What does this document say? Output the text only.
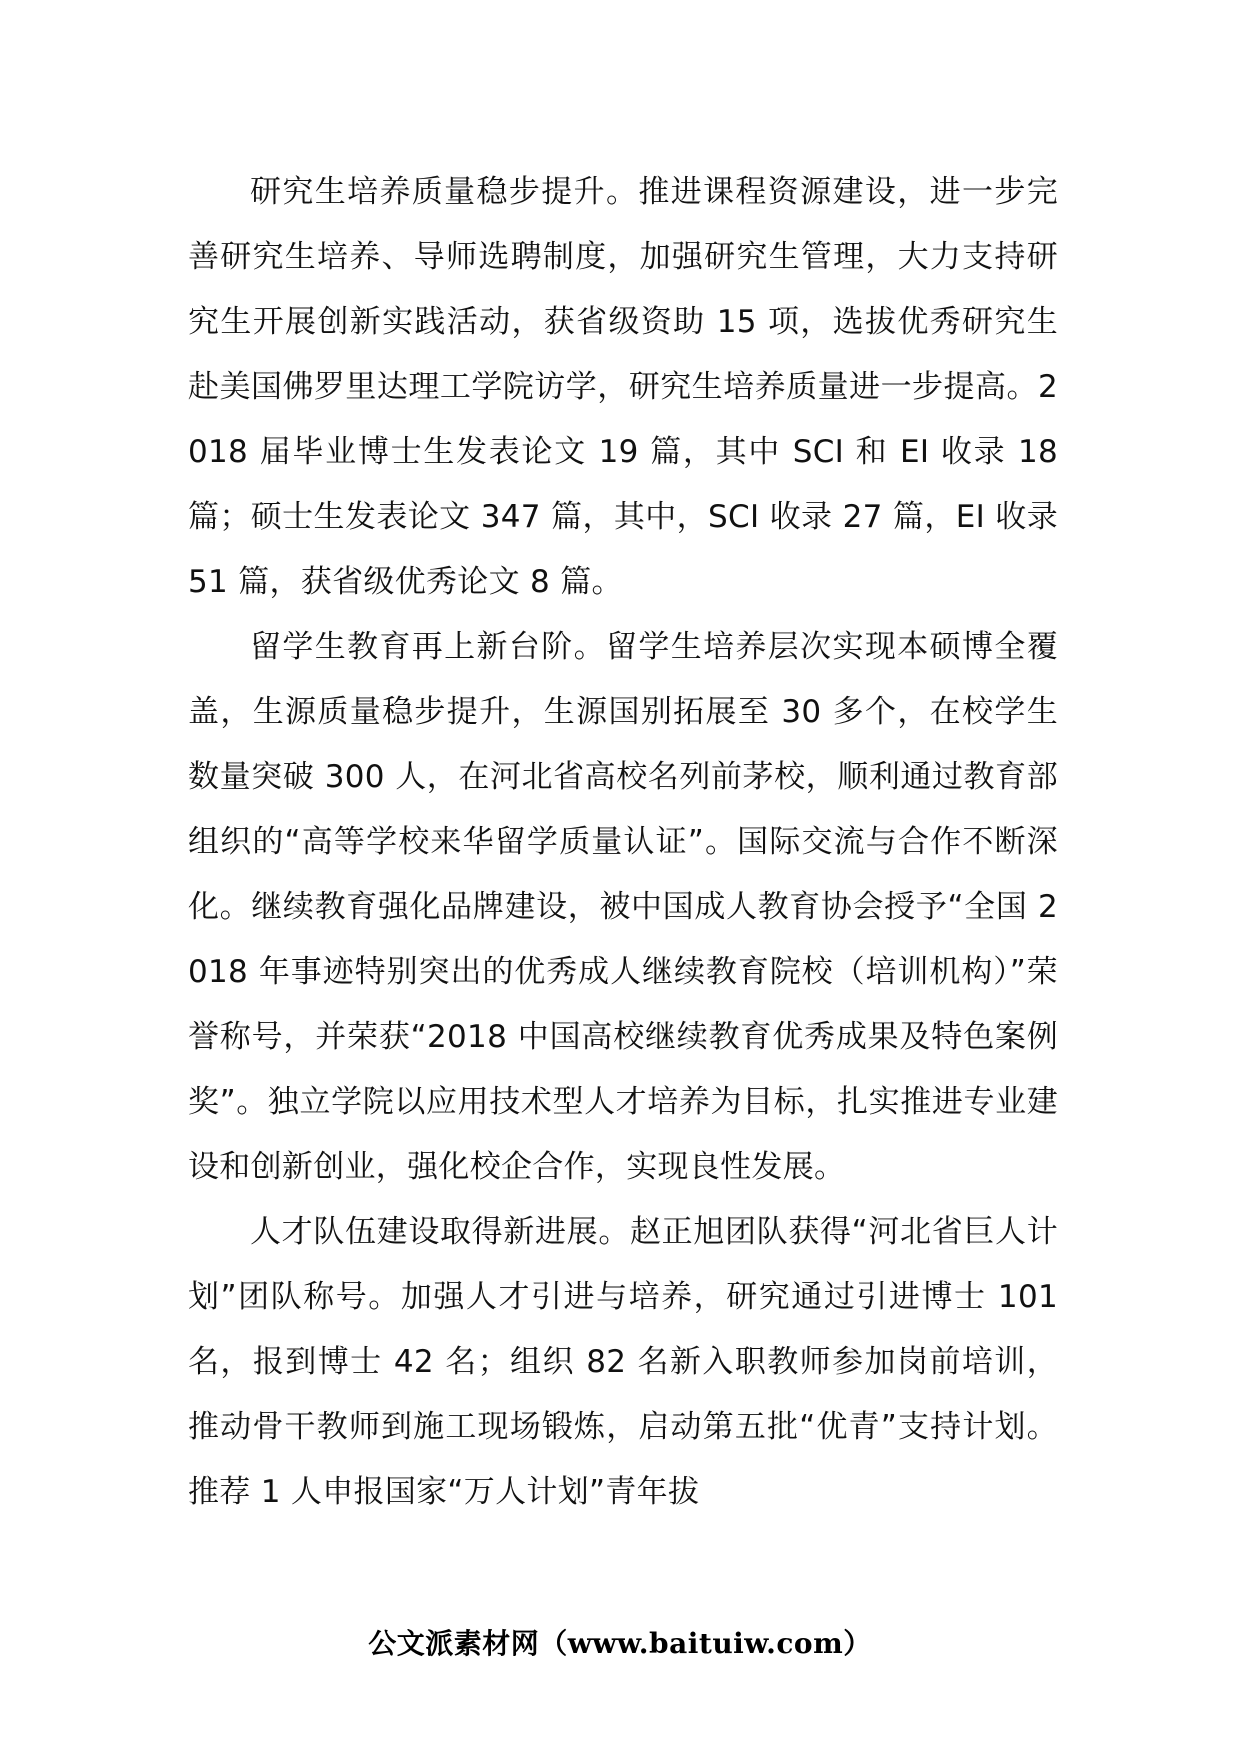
研究生培养质量稳步提升。推进课程资源建设，进一步完善研究生培养、导师选聘制度，加强研究生管理，大力支持研究生开展创新实践活动，获省级资助 15 项，选拔优秀研究生赴美国佛罗里达理工学院访学，研究生培养质量进一步提高。2018 届毕业博士生发表论文 19 篇，其中 SCI 和 EI 收录 18 篇；硕士生发表论文 347 篇，其中，SCI 收录 27 篇，EI 收录 51 篇，获省级优秀论文 8 篇。

留学生教育再上新台阶。留学生培养层次实现本硕博全覆盖，生源质量稳步提升，生源国别拓展至 30 多个，在校学生数量突破 300 人，在河北省高校名列前茅校，顺利通过教育部组织的“高等学校来华留学质量认证”。国际交流与合作不断深化。继续教育强化品牌建设，被中国成人教育协会授予“全国 2018 年事迹特别突出的优秀成人继续教育院校（培训机构）”荣誉称号，并荣获“2018 中国高校继续教育优秀成果及特色案例奖”。独立学院以应用技术型人才培养为目标，扎实推进专业建设和创新创业，强化校企合作，实现良性发展。

人才队伍建设取得新进展。赵正旭团队获得“河北省巨人计划”团队称号。加强人才引进与培养，研究通过引进博士 101 名，报到博士 42 名；组织 82 名新入职教师参加岗前培训，推动骨干教师到施工现场锻炼，启动第五批“优青”支持计划。推荐 1 人申报国家“万人计划”青年拔

公文派素材网（www.baituiw.com）
